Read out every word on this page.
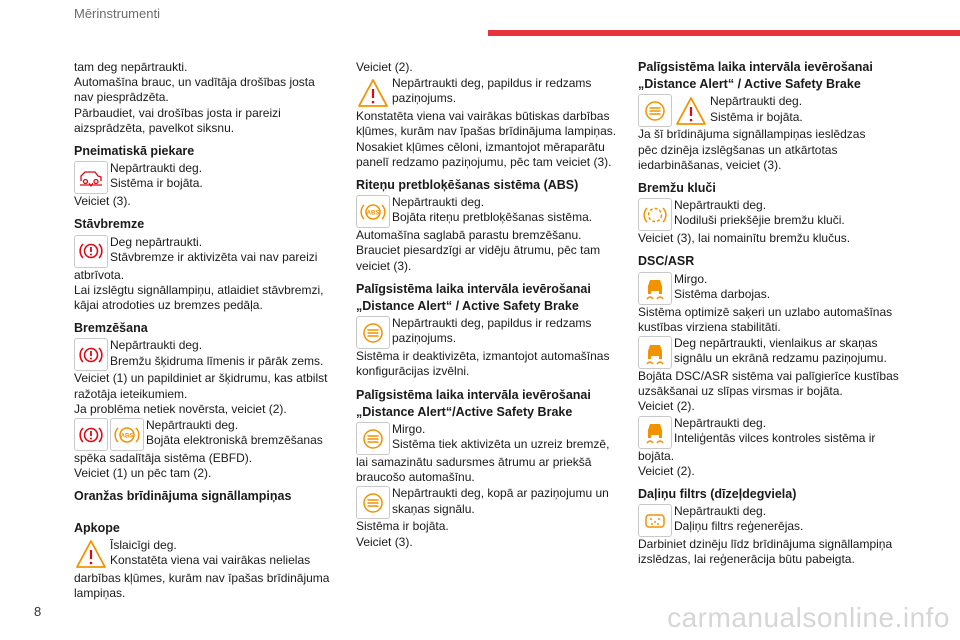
Mērinstrumenti
tam deg nepārtraukti.
Automašīna brauc, un vadītāja drošības josta
nav piesprādzēta.
Pārbaudiet, vai drošības josta ir pareizi
aizsprādzēta, pavelkot siksnu.
Pneimatiskā piekare
Nepārtraukti deg.
Sistēma ir bojāta.
Veiciet (3).
Stāvbremze
Deg nepārtraukti.
Stāvbremze ir aktivizēta vai nav pareizi
atbrīvota.
Lai izslēgtu signāllampiņu, atlaidiet stāvbremzi,
kājai atrodoties uz bremzes pedāļa.
Bremzēšana
Nepārtraukti deg.
Bremžu šķidruma līmenis ir pārāk zems.
Veiciet (1) un papildiniet ar šķidrumu, kas atbilst
ražotāja ieteikumiem.
Ja problēma netiek novērsta, veiciet (2).
ABS
Nepārtraukti deg.
Bojāta elektroniskā bremzēšanas
spēka sadalītāja sistēma (EBFD).
Veiciet (1) un pēc tam (2).
Oranžas brīdinājuma signāllampiņas
Apkope
Īslaicīgi deg.
Konstatēta viena vai vairākas nelielas
darbības kļūmes, kurām nav īpašas brīdinājuma
lampiņas.
Veiciet (2).
Nepārtraukti deg, papildus ir redzams
paziņojums.
Konstatēta viena vai vairākas būtiskas darbības
kļūmes, kurām nav īpašas brīdinājuma lampiņas.
Nosakiet kļūmes cēloni, izmantojot mēraparātu
panelī redzamo paziņojumu, pēc tam veiciet (3).
Riteņu pretbloķēšanas sistēma (ABS)
ABS
Nepārtraukti deg.
Bojāta riteņu pretbloķēšanas sistēma.
Automašīna saglabā parastu bremzēšanu.
Brauciet piesardzīgi ar vidēju ātrumu, pēc tam
veiciet (3).
Palīgsistēma laika intervāla ievērošanai
„Distance Alert“ / Active Safety Brake
Nepārtraukti deg, papildus ir redzams
paziņojums.
Sistēma ir deaktivizēta, izmantojot automašīnas
konfigurācijas izvēlni.
Palīgsistēma laika intervāla ievērošanai
„Distance Alert“/Active Safety Brake
Mirgo.
Sistēma tiek aktivizēta un uzreiz bremzē,
lai samazinātu sadursmes ātrumu ar priekšā
braucošo automašīnu.
Nepārtraukti deg, kopā ar paziņojumu un
skaņas signālu.
Sistēma ir bojāta.
Veiciet (3).
Palīgsistēma laika intervāla ievērošanai
„Distance Alert“ / Active Safety Brake
Nepārtraukti deg.
Sistēma ir bojāta.
Ja šī brīdinājuma signāllampiņas ieslēdzas
pēc dzinēja izslēgšanas un atkārtotas
iedarbināšanas, veiciet (3).
Bremžu kluči
Nepārtraukti deg.
Nodiluši priekšējie bremžu kluči.
Veiciet (3), lai nomainītu bremžu klučus.
DSC/ASR
Mirgo.
Sistēma darbojas.
Sistēma optimizē saķeri un uzlabo automašīnas
kustības virziena stabilitāti.
Deg nepārtraukti, vienlaikus ar skaņas
signālu un ekrānā redzamu paziņojumu.
Bojāta DSC/ASR sistēma vai palīgierīce kustības
uzsākšanai uz slīpas virsmas ir bojāta.
Veiciet (2).
Nepārtraukti deg.
Inteliģentās vilces kontroles sistēma ir
bojāta.
Veiciet (2).
Daļiņu filtrs (dīzeļdegviela)
Nepārtraukti deg.
Daļiņu filtrs reģenerējas.
Darbiniet dzinēju līdz brīdinājuma signāllampiņa
izslēdzas, lai reģenerācija būtu pabeigta.
8	carmanualsonline.info
